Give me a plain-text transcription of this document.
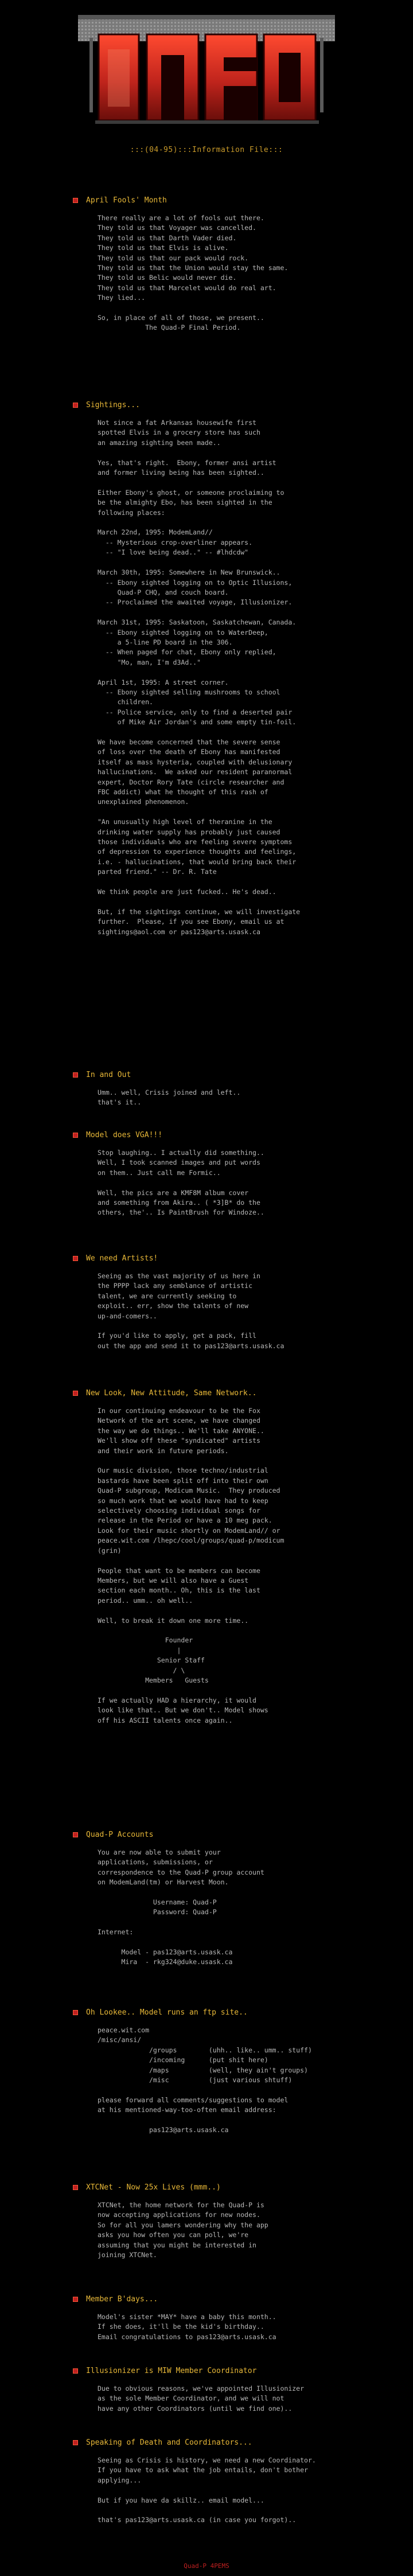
:::(04-95):::Information File:::
April Fools' Month
There really are a lot of fools out there.
They told us that Voyager was cancelled.
They told us that Darth Vader died.
They told us that Elvis is alive.
They told us that our pack would rock.
They told us that the Union would stay the same.
They told us Belic would never die.
They told us that Marcelet would do real art.
They lied...

So, in place of all of those, we present..
The Quad-P Final Period.
Sightings...
Not since a fat Arkansas housewife first
spotted Elvis in a grocery store has such
an amazing sighting been made..

Yes, that's right.  Ebony, former ansi artist
and former living being has been sighted..

Either Ebony's ghost, or someone proclaiming to
be the almighty Ebo, has been sighted in the
following places:

March 22nd, 1995: ModemLand//
-- Mysterious crop-overliner appears.
-- "I love being dead.." -- #lhdcdw"

March 30th, 1995: Somewhere in New Brunswick..
-- Ebony sighted logging on to Optic Illusions,
Quad-P CHQ, and couch board.
-- Proclaimed the awaited voyage, Illusionizer.

March 31st, 1995: Saskatoon, Saskatchewan, Canada.
-- Ebony sighted logging on to WaterDeep,
a 5-line PD board in the 306.
-- When paged for chat, Ebony only replied,
"Mo, man, I'm d3Ad.."

April 1st, 1995: A street corner.
-- Ebony sighted selling mushrooms to school
children.
-- Police service, only to find a deserted pair
of Mike Air Jordan's and some empty tin-foil.

We have become concerned that the severe sense
of loss over the death of Ebony has manifested
itself as mass hysteria, coupled with delusionary
hallucinations.  We asked our resident paranormal
expert, Doctor Rory Tate (circle researcher and
FBC addict) what he thought of this rash of
unexplained phenomenon.

"An unusually high level of theranine in the
drinking water supply has probably just caused
those individuals who are feeling severe symptoms
of depression to experience thoughts and feelings,
i.e. - hallucinations, that would bring back their
parted friend." -- Dr. R. Tate

We think people are just fucked.. He's dead..

But, if the sightings continue, we will investigate
further.  Please, if you see Ebony, email us at
sightings@aol.com or pas123@arts.usask.ca
In and Out
Umm.. well, Crisis joined and left..
that's it..
Model does VGA!!!
Stop laughing.. I actually did something..
Well, I took scanned images and put words
on them.. Just call me Formic..

Well, the pics are a KMF8M album cover
and something from Akira.. ( *3]B* do the
others, the'.. Is PaintBrush for Windoze..
We need Artists!
Seeing as the vast majority of us here in
the PPPP lack any semblance of artistic
talent, we are currently seeking to
exploit.. err, show the talents of new
up-and-comers..

If you'd like to apply, get a pack, fill
out the app and send it to pas123@arts.usask.ca
New Look, New Attitude, Same Network..
In our continuing endeavour to be the Fox
Network of the art scene, we have changed
the way we do things.. We'll take ANYONE..
We'll show off these "syndicated" artists
and their work in future periods.

Our music division, those techno/industrial
bastards have been split off into their own
Quad-P subgroup, Modicum Music.  They produced
so much work that we would have had to keep
selectively choosing individual songs for
release in the Period or have a 10 meg pack.
Look for their music shortly on ModemLand// or
peace.wit.com /lhepc/cool/groups/quad-p/modicum
(grin)

People that want to be members can become
Members, but we will also have a Guest
section each month.. Oh, this is the last
period.. umm.. oh well..

Well, to break it down one more time..

Founder
|
Senior Staff
/ \
Members   Guests

If we actually HAD a hierarchy, it would
look like that.. But we don't.. Model shows
off his ASCII talents once again..
Quad-P Accounts
You are now able to submit your
applications, submissions, or
correspondence to the Quad-P group account
on ModemLand(tm) or Harvest Moon.

Username: Quad-P
Password: Quad-P

Internet:

Model - pas123@arts.usask.ca
Mira  - rkg324@duke.usask.ca
Oh Lookee.. Model runs an ftp site..
peace.wit.com
/misc/ansi/
/groups        (uhh.. like.. umm.. stuff)
/incoming      (put shit here)
/maps          (well, they ain't groups)
/misc          (just various shtuff)

please forward all comments/suggestions to model
at his mentioned-way-too-often email address:

pas123@arts.usask.ca
XTCNet - Now 25x Lives (mmm..)
XTCNet, the home network for the Quad-P is
now accepting applications for new nodes.
So for all you lamers wondering why the app
asks you how often you can poll, we're
assuming that you might be interested in
joining XTCNet.
Member B'days...
Model's sister *MAY* have a baby this month..
If she does, it'll be the kid's birthday..
Email congratulations to pas123@arts.usask.ca
Illusionizer is MIW Member Coordinator
Due to obvious reasons, we've appointed Illusionizer
as the sole Member Coordinator, and we will not
have any other Coordinators (until we find one)..
Speaking of Death and Coordinators...
Seeing as Crisis is history, we need a new Coordinator.
If you have to ask what the job entails, don't bother
applying...

But if you have da skillz.. email model...

that's pas123@arts.usask.ca (in case you forgot)..
Quad-P 4PEMS
